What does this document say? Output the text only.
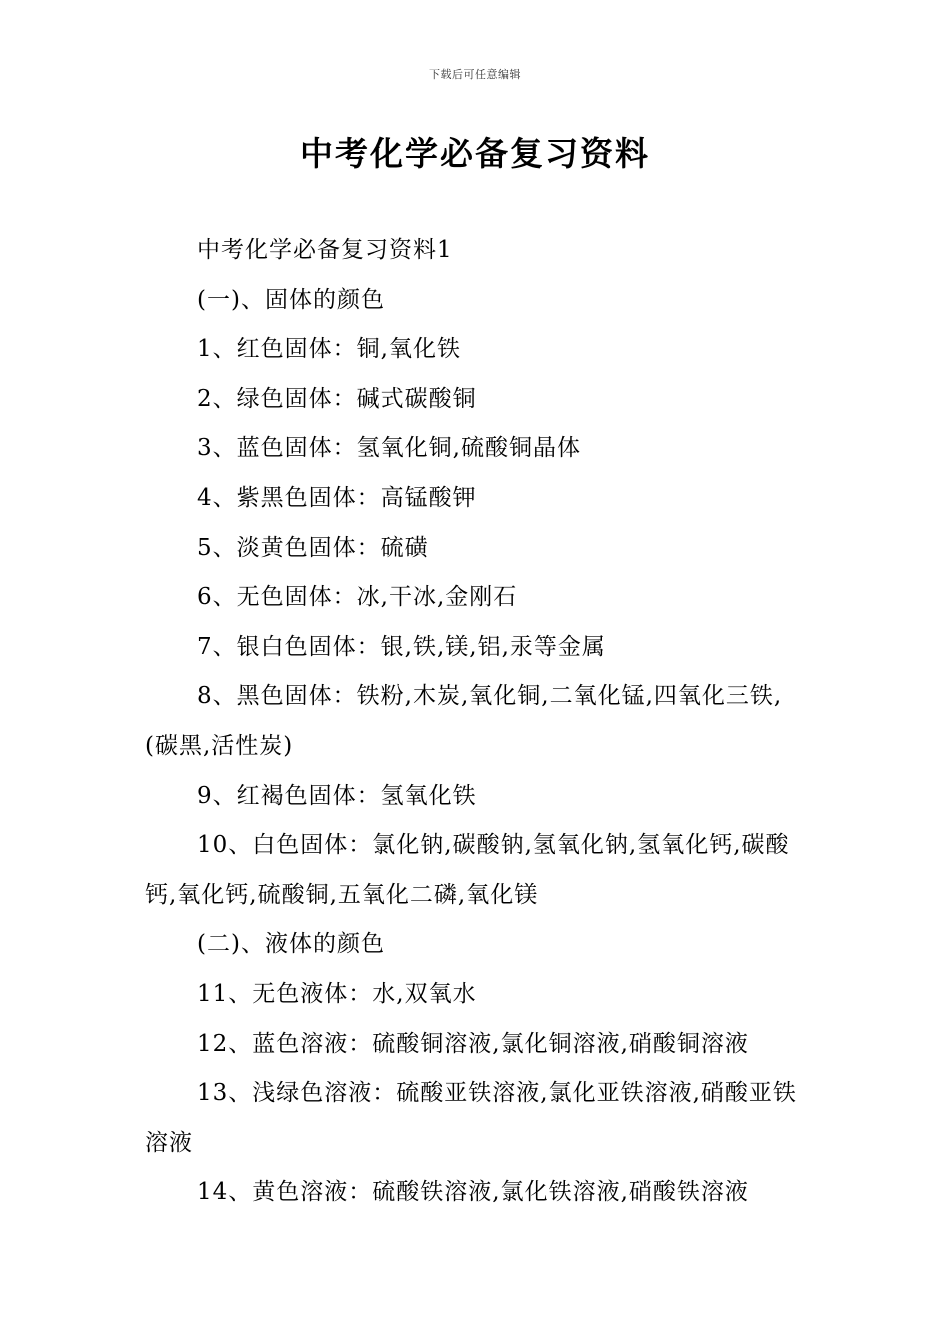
下载后可任意编辑
中考化学必备复习资料

中考化学必备复习资料1

(一)、固体的颜色

1、红色固体：铜,氧化铁

2、绿色固体：碱式碳酸铜

3、蓝色固体：氢氧化铜,硫酸铜晶体

4、紫黑色固体：高锰酸钾

5、淡黄色固体：硫磺

6、无色固体：冰,干冰,金刚石

7、银白色固体：银,铁,镁,铝,汞等金属

8、黑色固体：铁粉,木炭,氧化铜,二氧化锰,四氧化三铁,(碳黑,活性炭)

9、红褐色固体：氢氧化铁

10、白色固体：氯化钠,碳酸钠,氢氧化钠,氢氧化钙,碳酸钙,氧化钙,硫酸铜,五氧化二磷,氧化镁

(二)、液体的颜色

11、无色液体：水,双氧水

12、蓝色溶液：硫酸铜溶液,氯化铜溶液,硝酸铜溶液

13、浅绿色溶液：硫酸亚铁溶液,氯化亚铁溶液,硝酸亚铁溶液

14、黄色溶液：硫酸铁溶液,氯化铁溶液,硝酸铁溶液
